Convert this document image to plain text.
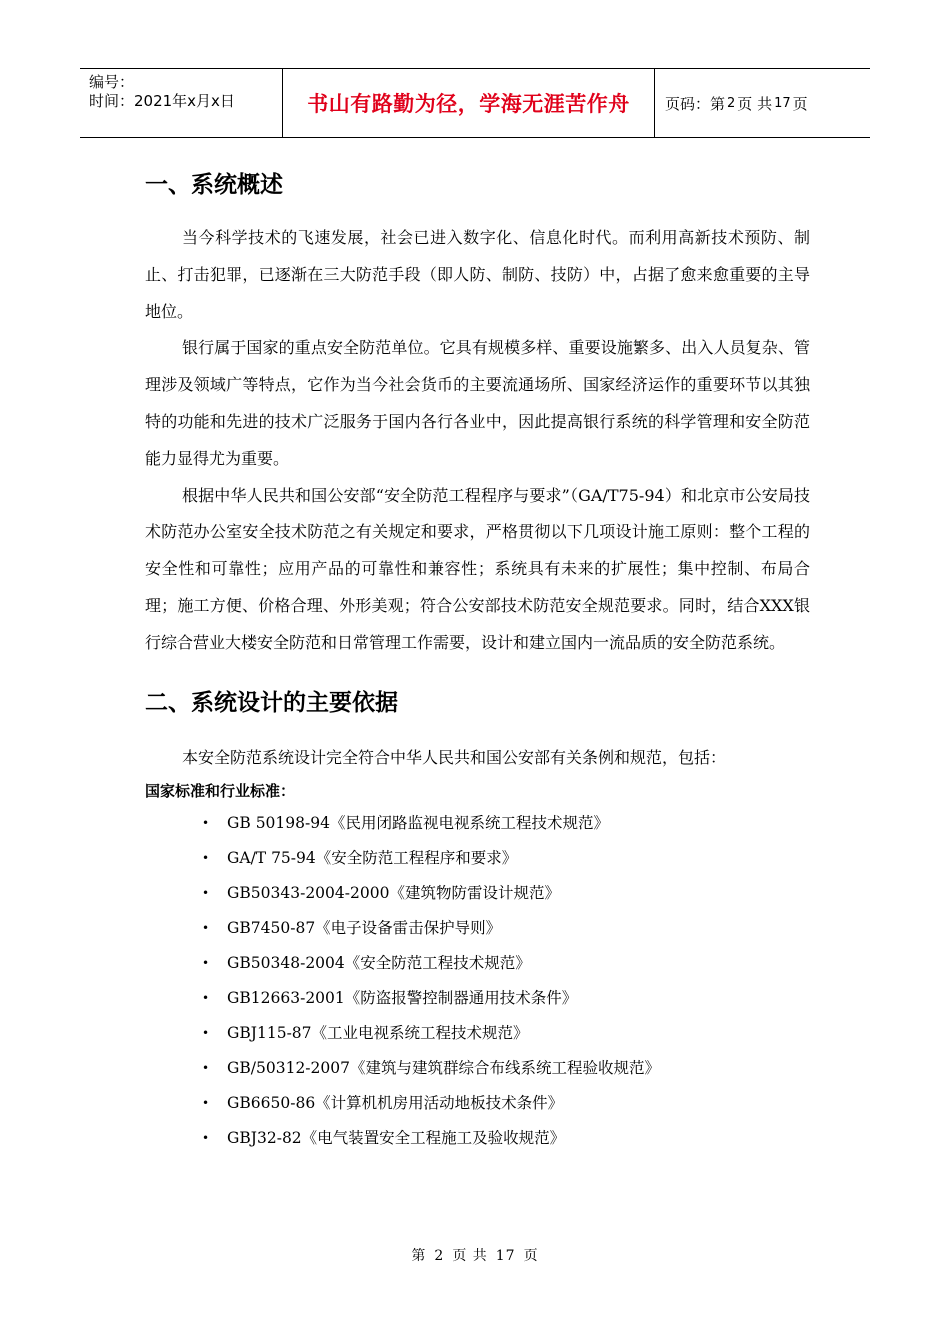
编号：
时间：2021年x月x日	书山有路勤为径，学海无涯苦作舟	页码：第 2 页 共 17 页
一、系统概述

当今科学技术的飞速发展，社会已进入数字化、信息化时代。而利用高新技术预防、制止、打击犯罪，已逐渐在三大防范手段（即人防、制防、技防）中，占据了愈来愈重要的主导地位。

银行属于国家的重点安全防范单位。它具有规模多样、重要设施繁多、出入人员复杂、管理涉及领域广等特点，它作为当今社会货币的主要流通场所、国家经济运作的重要环节以其独特的功能和先进的技术广泛服务于国内各行各业中，因此提高银行系统的科学管理和安全防范能力显得尤为重要。

根据中华人民共和国公安部“安全防范工程程序与要求”（GA/T75-94）和北京市公安局技术防范办公室安全技术防范之有关规定和要求，严格贯彻以下几项设计施工原则：整个工程的安全性和可靠性；应用产品的可靠性和兼容性；系统具有未来的扩展性；集中控制、布局合理；施工方便、价格合理、外形美观；符合公安部技术防范安全规范要求。同时，结合XXX银行综合营业大楼安全防范和日常管理工作需要，设计和建立国内一流品质的安全防范系统。

二、系统设计的主要依据

本安全防范系统设计完全符合中华人民共和国公安部有关条例和规范，包括：

国家标准和行业标准：
• GB 50198-94《民用闭路监视电视系统工程技术规范》
• GA/T 75-94《安全防范工程程序和要求》
• GB50343-2004-2000《建筑物防雷设计规范》
• GB7450-87《电子设备雷击保护导则》
• GB50348-2004《安全防范工程技术规范》
• GB12663-2001《防盗报警控制器通用技术条件》
• GBJ115-87《工业电视系统工程技术规范》
• GB/50312-2007《建筑与建筑群综合布线系统工程验收规范》
• GB6650-86《计算机机房用活动地板技术条件》
• GBJ32-82《电气装置安全工程施工及验收规范》
第 2 页 共 17 页
